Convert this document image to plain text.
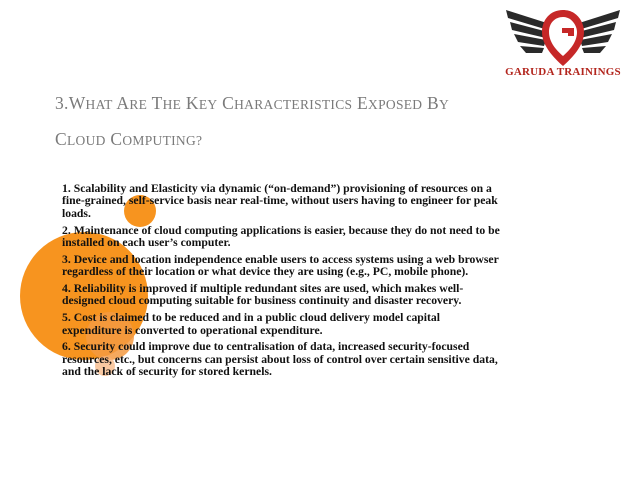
GARUDA TRAININGS
3.WHAT ARE THE KEY CHARACTERISTICS EXPOSED BY
CLOUD COMPUTING?

1. Scalability and Elasticity via dynamic (“on-demand”) provisioning of resources on a fine-grained, self-service basis near real-time, without users having to engineer for peak loads.

2. Maintenance of cloud computing applications is easier, because they do not need to be installed on each user’s computer.

3. Device and location independence enable users to access systems using a web browser regardless of their location or what device they are using (e.g., PC, mobile phone).

4. Reliability is improved if multiple redundant sites are used, which makes well-designed cloud computing suitable for business continuity and disaster recovery.

5. Cost is claimed to be reduced and in a public cloud delivery model capital expenditure is converted to operational expenditure.

6. Security could improve due to centralisation of data, increased security-focused resources, etc., but concerns can persist about loss of control over certain sensitive data, and the lack of security for stored kernels.
